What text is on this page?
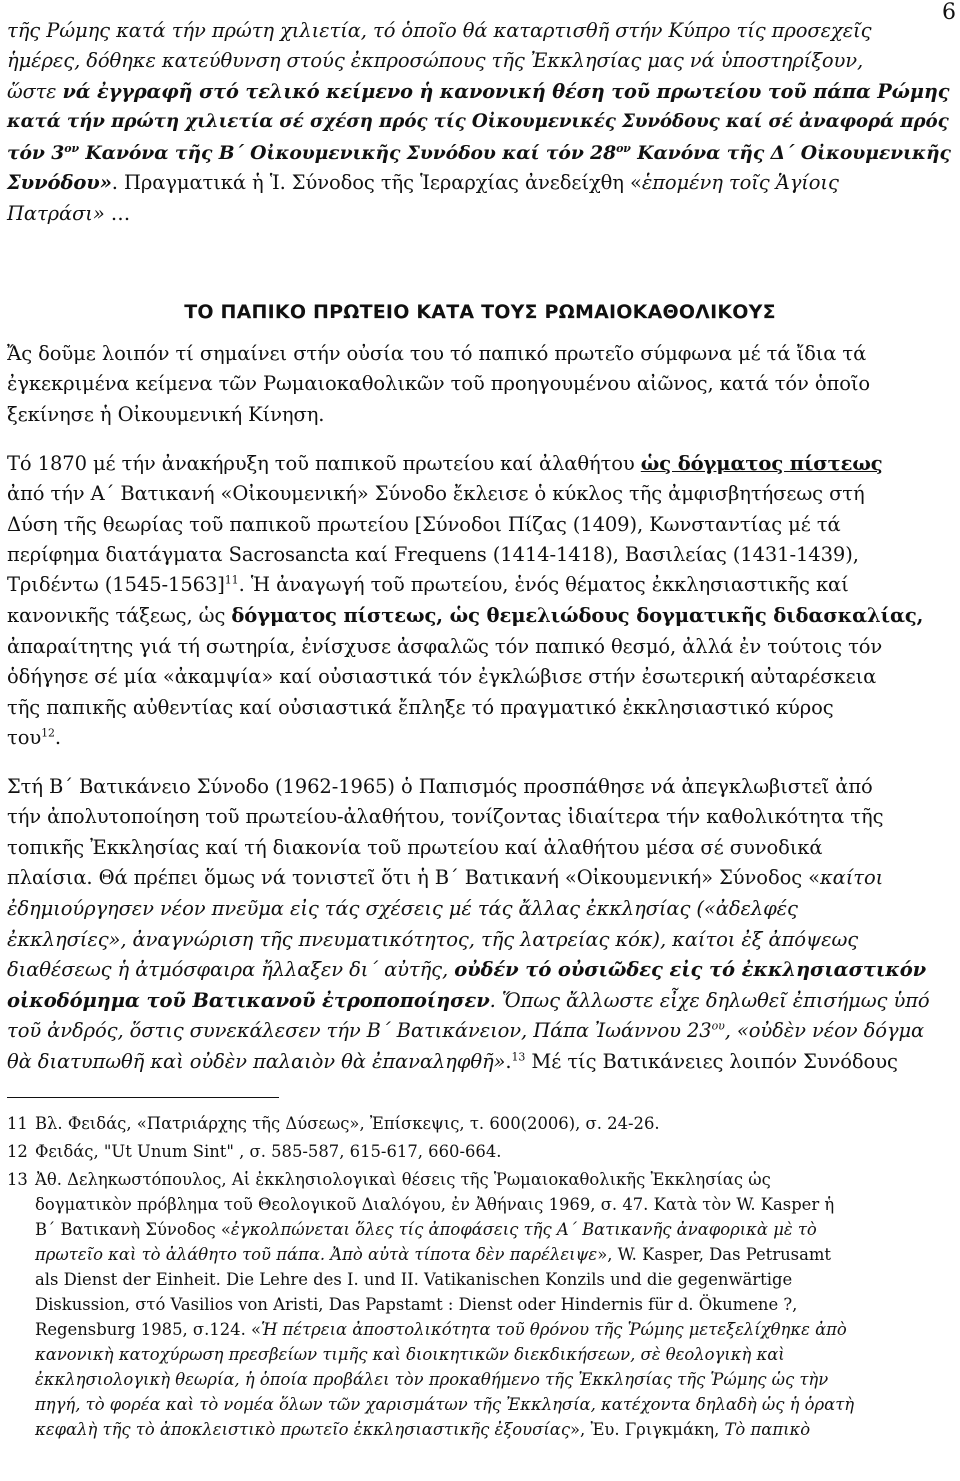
6
τῆς Ρώμης κατά τήν πρώτη χιλιετία, τό ὁποῖο θά καταρτισθῆ στήν Κύπρο τίς προσεχεῖς
ἡμέρες, δόθηκε κατεύθυνση στούς ἐκπροσώπους τῆς Ἐκκλησίας μας νά ὑποστηρίξουν,
ὥστε νά ἐγγραφῆ στό τελικό κείμενο ἡ κανονική θέση τοῦ πρωτείου τοῦ πάπα Ρώμης
κατά τήν πρώτη χιλιετία σέ σχέση πρός τίς Οἰκουμενικές Συνόδους καί σέ ἀναφορά πρός
τόν $3^{o\nu}$ Κανόνα τῆς Β΄ Οἰκουμενικῆς Συνόδου καί τόν $28^{o\nu}$ Κανόνα τῆς Δ΄ Οἰκουμενικῆς
Συνόδου». Πραγματικά ἡ Ἱ. Σύνοδος τῆς Ἱεραρχίας ἀνεδείχθη «ἑπομένη τοῖς Ἁγίοις
Πατράσι» …
ΤΟ ΠΑΠΙΚΟ ΠΡΩΤΕΙΟ ΚΑΤΑ ΤΟΥΣ ΡΩΜΑΙΟΚΑΘΟΛΙΚΟΥΣ
Ἄς δοῦμε λοιπόν τί σημαίνει στήν οὐσία του τό παπικό πρωτεῖο σύμφωνα μέ τά ἴδια τά
ἐγκεκριμένα κείμενα τῶν Ρωμαιοκαθολικῶν τοῦ προηγουμένου αἰῶνος, κατά τόν ὁποῖο
ξεκίνησε ἡ Οἰκουμενική Κίνηση.
Τό 1870 μέ τήν ἀνακήρυξη τοῦ παπικοῦ πρωτείου καί ἀλαθήτου ὡς δόγματος πίστεως
ἀπό τήν Α΄ Βατικανή «Οἰκουμενική» Σύνοδο ἔκλεισε ὁ κύκλος τῆς ἀμφισβητήσεως στή
Δύση τῆς θεωρίας τοῦ παπικοῦ πρωτείου [Σύνοδοι Πίζας (1409), Κωνσταντίας μέ τά
περίφημα διατάγματα Sacrosancta καί Frequens (1414-1418), Βασιλείας (1431-1439),
Τριδέντω (1545-1563]$^{11}$. Ἡ ἀναγωγή τοῦ πρωτείου, ἑνός θέματος ἐκκλησιαστικῆς καί
κανονικῆς τάξεως, ὡς δόγματος πίστεως, ὡς θεμελιώδους δογματικῆς διδασκαλίας,
ἀπαραίτητης γιά τή σωτηρία, ἐνίσχυσε ἀσφαλῶς τόν παπικό θεσμό, ἀλλά ἐν τούτοις τόν
ὁδήγησε σέ μία «ἀκαμψία» καί οὐσιαστικά τόν ἐγκλώβισε στήν ἐσωτερική αὐταρέσκεια
τῆς παπικῆς αὐθεντίας καί οὐσιαστικά ἔπληξε τό πραγματικό ἐκκλησιαστικό κύρος
του$^{12}$.
Στή Β΄ Βατικάνειο Σύνοδο (1962-1965) ὁ Παπισμός προσπάθησε νά ἀπεγκλωβιστεῖ ἀπό
τήν ἀπολυτοποίηση τοῦ πρωτείου-ἀλαθήτου, τονίζοντας ἰδιαίτερα τήν καθολικότητα τῆς
τοπικῆς Ἐκκλησίας καί τή διακονία τοῦ πρωτείου καί ἀλαθήτου μέσα σέ συνοδικά
πλαίσια. Θά πρέπει ὅμως νά τονιστεῖ ὅτι ἡ Β΄ Βατικανή «Οἰκουμενική» Σύνοδος «καίτοι
ἐδημιούργησεν νέον πνεῦμα εἰς τάς σχέσεις μέ τάς ἄλλας ἐκκλησίας («ἀδελφές
ἐκκλησίες», ἀναγνώριση τῆς πνευματικότητος, τῆς λατρείας κόκ), καίτοι ἐξ ἀπόψεως
διαθέσεως ἡ ἀτμόσφαιρα ἤλλαξεν δι΄ αὐτῆς, οὐδέν τό οὐσιῶδες εἰς τό ἐκκλησιαστικόν
οἰκοδόμημα τοῦ Βατικανοῦ ἐτροποποίησεν. Ὅπως ἄλλωστε εἶχε δηλωθεῖ ἐπισήμως ὑπό
τοῦ ἀνδρός, ὅστις συνεκάλεσεν τήν Β΄ Βατικάνειον, Πάπα Ἰωάννου $23^{o\upsilon}$, «οὐδὲν νέον δόγμα
θὰ διατυπωθῆ καὶ οὐδὲν παλαιὸν θὰ ἐπαναληφθῆ».$^{13}$ Μέ τίς Βατικάνειες λοιπόν Συνόδους
11 Βλ. Φειδάς, «Πατριάρχης τῆς Δύσεως», Ἐπίσκεψις, τ. 600(2006), σ. 24-26.
12 Φειδάς, "Ut Unum Sint" , σ. 585-587, 615-617, 660-664.
13 Ἀθ. Δεληκωστόπουλος, Αἱ ἐκκλησιολογικαὶ θέσεις τῆς Ῥωμαιοκαθολικῆς Ἐκκλησίας ὡς
δογματικὸν πρόβλημα τοῦ Θεολογικοῦ Διαλόγου, ἐν Ἀθήναις 1969, σ. 47. Κατὰ τὸν W. Kasper ἡ
Β΄ Βατικανὴ Σύνοδος «ἐγκολπώνεται ὅλες τίς ἀποφάσεις τῆς Α΄ Βατικανῆς ἀναφορικὰ μὲ τὸ
πρωτεῖο καὶ τὸ ἀλάθητο τοῦ πάπα. Ἀπὸ αὐτὰ τίποτα δὲν παρέλειψε», W. Kasper, Das Petrusamt
als Dienst der Einheit. Die Lehre des I. und II. Vatikanischen Konzils und die gegenwärtige
Diskussion, στό Vasilios von Aristi, Das Papstamt : Dienst oder Hindernis für d. Ökumene ?,
Regensburg 1985, σ.124. «Ἡ πέτρεια ἀποστολικότητα τοῦ θρόνου τῆς Ῥώμης μετεξελίχθηκε ἀπὸ
κανονικὴ κατοχύρωση πρεσβείων τιμῆς καὶ διοικητικῶν διεκδικήσεων, σὲ θεολογικὴ καὶ
ἐκκλησιολογικὴ θεωρία, ἡ ὁποία προβάλει τὸν προκαθήμενο τῆς Ἐκκλησίας τῆς Ῥώμης ὡς τὴν
πηγή, τὸ φορέα καὶ τὸ νομέα ὅλων τῶν χαρισμάτων τῆς Ἐκκλησία, κατέχοντα δηλαδὴ ὡς ἡ ὁρατὴ
κεφαλὴ τῆς τὸ ἀποκλειστικὸ πρωτεῖο ἐκκλησιαστικῆς ἐξουσίας», Ἐυ. Γριγκμάκη, Τὸ παπικὸ
